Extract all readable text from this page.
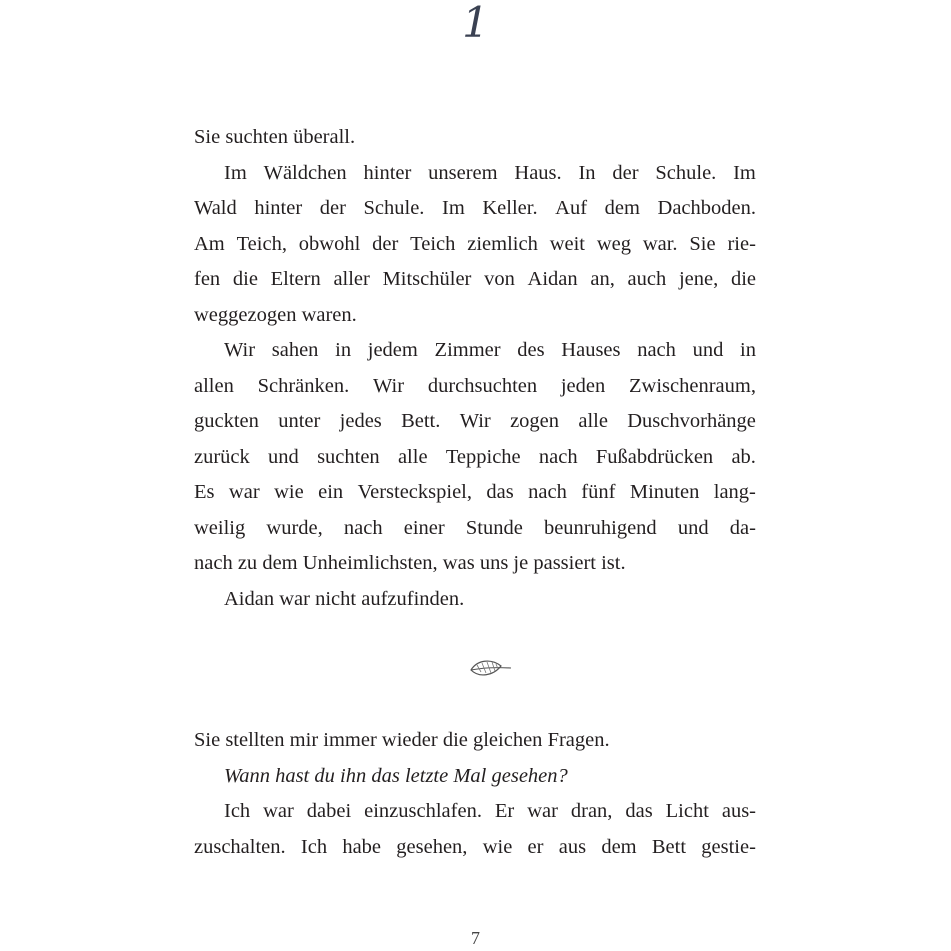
1
Sie suchten überall.
Im Wäldchen hinter unserem Haus. In der Schule. Im
Wald hinter der Schule. Im Keller. Auf dem Dachboden.
Am Teich, obwohl der Teich ziemlich weit weg war. Sie rie-
fen die Eltern aller Mitschüler von Aidan an, auch jene, die
weggezogen waren.
Wir sahen in jedem Zimmer des Hauses nach und in
allen Schränken. Wir durchsuchten jeden Zwischenraum,
guckten unter jedes Bett. Wir zogen alle Duschvorhänge
zurück und suchten alle Teppiche nach Fußabdrücken ab.
Es war wie ein Versteckspiel, das nach fünf Minuten lang-
weilig wurde, nach einer Stunde beunruhigend und da-
nach zu dem Unheimlichsten, was uns je passiert ist.
Aidan war nicht aufzufinden.
Sie stellten mir immer wieder die gleichen Fragen.
Wann hast du ihn das letzte Mal gesehen?
Ich war dabei einzuschlafen. Er war dran, das Licht aus-
zuschalten. Ich habe gesehen, wie er aus dem Bett gestie-
7
